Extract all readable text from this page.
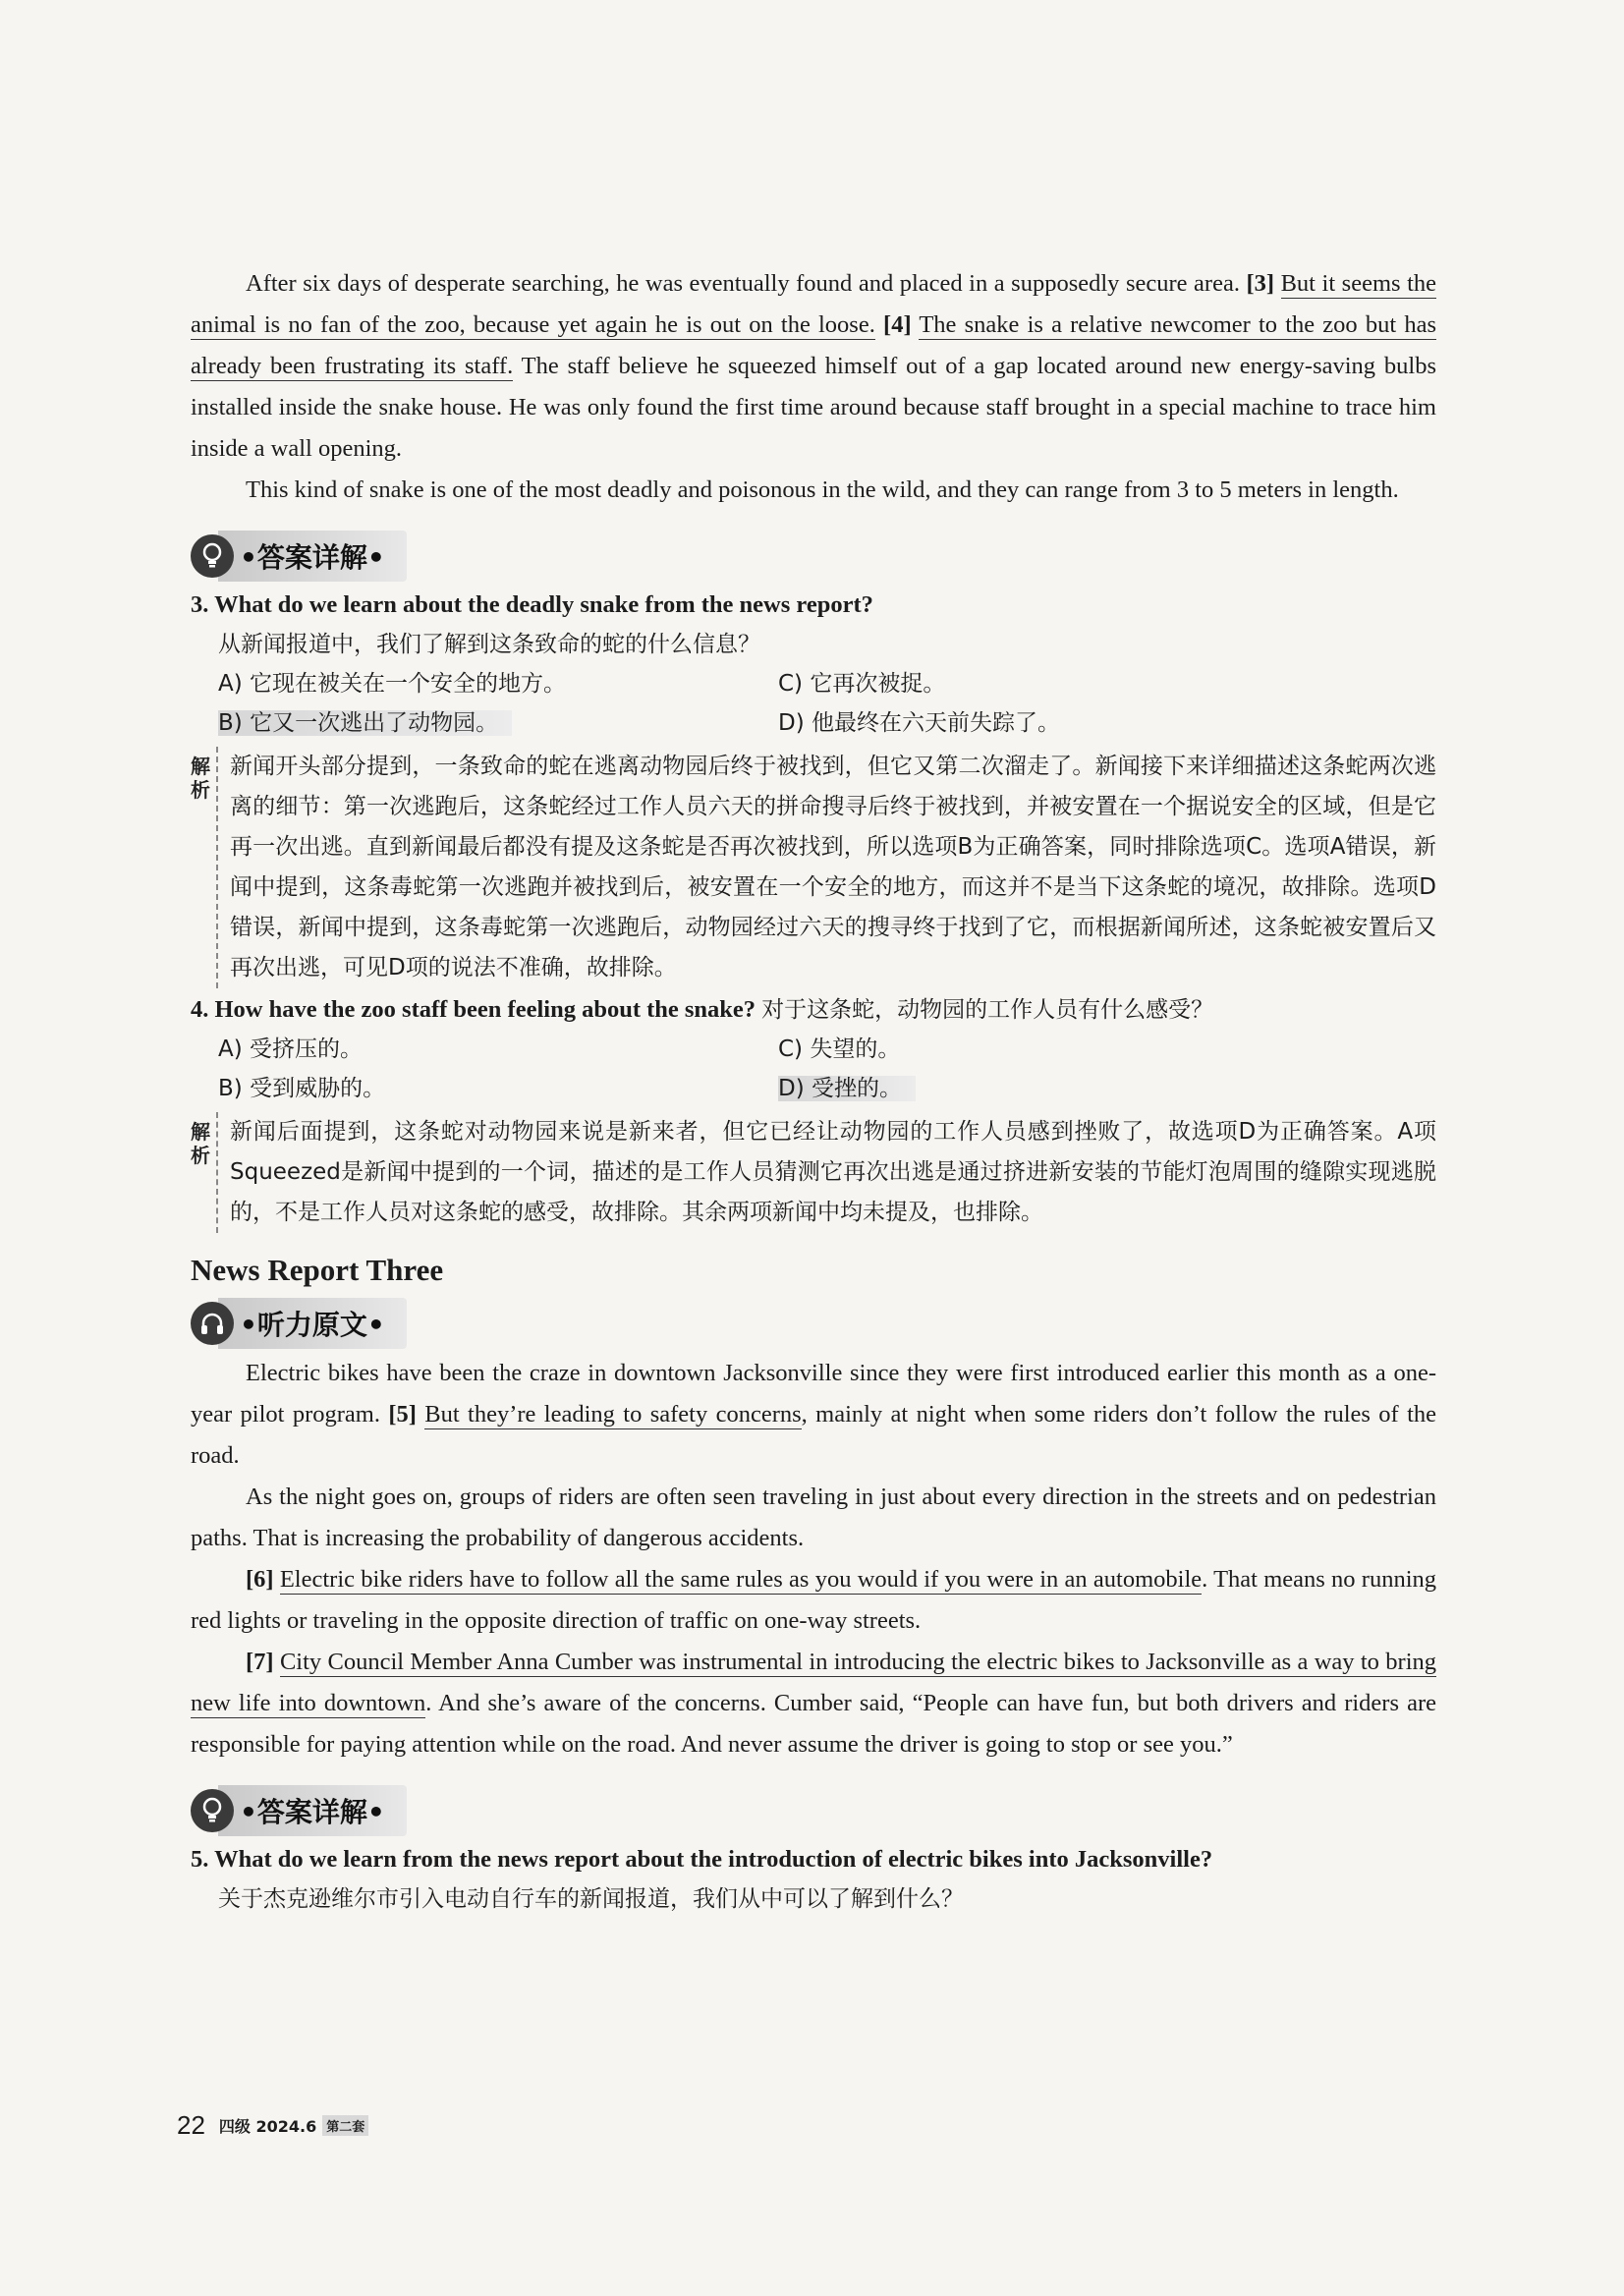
After six days of desperate searching, he was eventually found and placed in a supposedly secure area. [3] But it seems the animal is no fan of the zoo, because yet again he is out on the loose. [4] The snake is a relative newcomer to the zoo but has already been frustrating its staff. The staff believe he squeezed himself out of a gap located around new energy-saving bulbs installed inside the snake house. He was only found the first time around because staff brought in a special machine to trace him inside a wall opening.

This kind of snake is one of the most deadly and poisonous in the wild, and they can range from 3 to 5 meters in length.

•答案详解•

3. What do we learn about the deadly snake from the news report?

从新闻报道中，我们了解到这条致命的蛇的什么信息？

A) 它现在被关在一个安全的地方。	C) 它再次被捉。
B) 它又一次逃出了动物园。	D) 他最终在六天前失踪了。
解析
新闻开头部分提到，一条致命的蛇在逃离动物园后终于被找到，但它又第二次溜走了。新闻接下来详细描述这条蛇两次逃离的细节：第一次逃跑后，这条蛇经过工作人员六天的拼命搜寻后终于被找到，并被安置在一个据说安全的区域，但是它再一次出逃。直到新闻最后都没有提及这条蛇是否再次被找到，所以选项B为正确答案，同时排除选项C。选项A错误，新闻中提到，这条毒蛇第一次逃跑并被找到后，被安置在一个安全的地方，而这并不是当下这条蛇的境况，故排除。选项D错误，新闻中提到，这条毒蛇第一次逃跑后，动物园经过六天的搜寻终于找到了它，而根据新闻所述，这条蛇被安置后又再次出逃，可见D项的说法不准确，故排除。

4. How have the zoo staff been feeling about the snake? 对于这条蛇，动物园的工作人员有什么感受？

A) 受挤压的。	C) 失望的。
B) 受到威胁的。	D) 受挫的。
解析
新闻后面提到，这条蛇对动物园来说是新来者，但它已经让动物园的工作人员感到挫败了，故选项D为正确答案。A项Squeezed是新闻中提到的一个词，描述的是工作人员猜测它再次出逃是通过挤进新安装的节能灯泡周围的缝隙实现逃脱的，不是工作人员对这条蛇的感受，故排除。其余两项新闻中均未提及，也排除。
News Report Three
•听力原文•

Electric bikes have been the craze in downtown Jacksonville since they were first introduced earlier this month as a one-year pilot program. [5] But they’re leading to safety concerns, mainly at night when some riders don’t follow the rules of the road.

As the night goes on, groups of riders are often seen traveling in just about every direction in the streets and on pedestrian paths. That is increasing the probability of dangerous accidents.

[6] Electric bike riders have to follow all the same rules as you would if you were in an automobile. That means no running red lights or traveling in the opposite direction of traffic on one-way streets.

[7] City Council Member Anna Cumber was instrumental in introducing the electric bikes to Jacksonville as a way to bring new life into downtown. And she’s aware of the concerns. Cumber said, “People can have fun, but both drivers and riders are responsible for paying attention while on the road. And never assume the driver is going to stop or see you.”

•答案详解•

5. What do we learn from the news report about the introduction of electric bikes into Jacksonville?

关于杰克逊维尔市引入电动自行车的新闻报道，我们从中可以了解到什么？

22 四级 2024.6 第二套
